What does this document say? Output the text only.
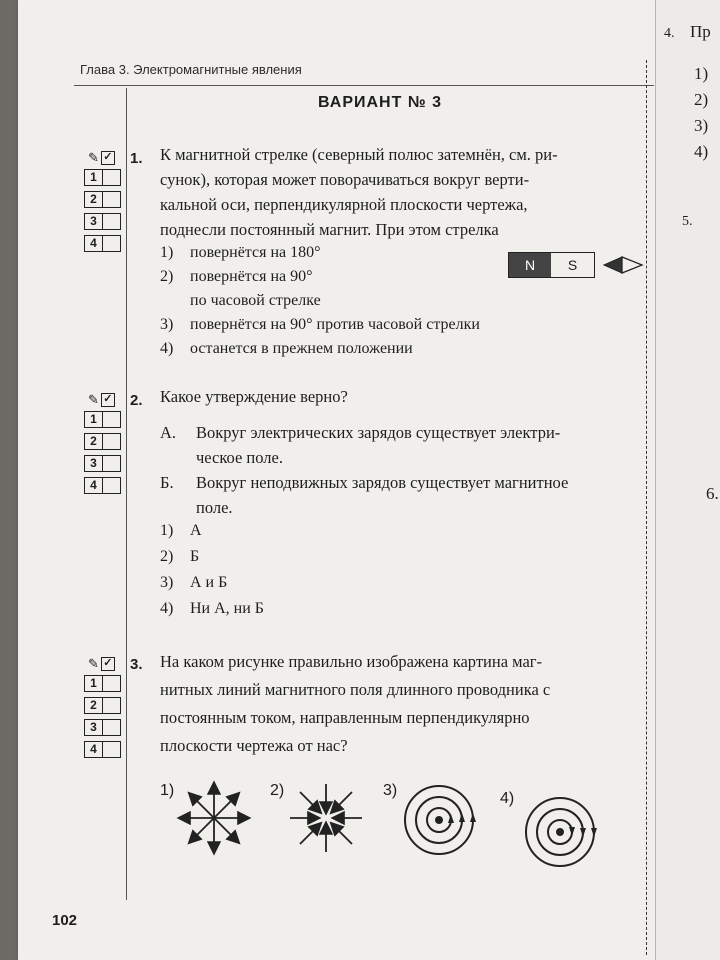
Глава 3. Электромагнитные явления
ВАРИАНТ № 3
✎ ✓
1
2
3
4
✎ ✓
1
2
3
4
✎ ✓
1
2
3
4
1. К магнитной стрелке (северный полюс затемнён, см. ри-
сунок), которая может поворачиваться вокруг верти-
кальной оси, перпендикулярной плоскости чертежа,
поднесли постоянный магнит. При этом стрелка
1) повернётся на 180°
2) повернётся на 90°
по часовой стрелке
3) повернётся на 90° против часовой стрелки
4) останется в прежнем положении
N	S
2. Какое утверждение верно?
А. Вокруг электрических зарядов существует электри-
ческое поле.
Б. Вокруг неподвижных зарядов существует магнитное
поле.
1) А
2) Б
3) А и Б
4) Ни А, ни Б
3. На каком рисунке правильно изображена картина маг-
нитных линий магнитного поля длинного проводника с
постоянным током, направленным перпендикулярно
плоскости чертежа от нас?
1)	2)	3)	4)
102
4. Пр
1)
2)
3)
4)
5.
6.
